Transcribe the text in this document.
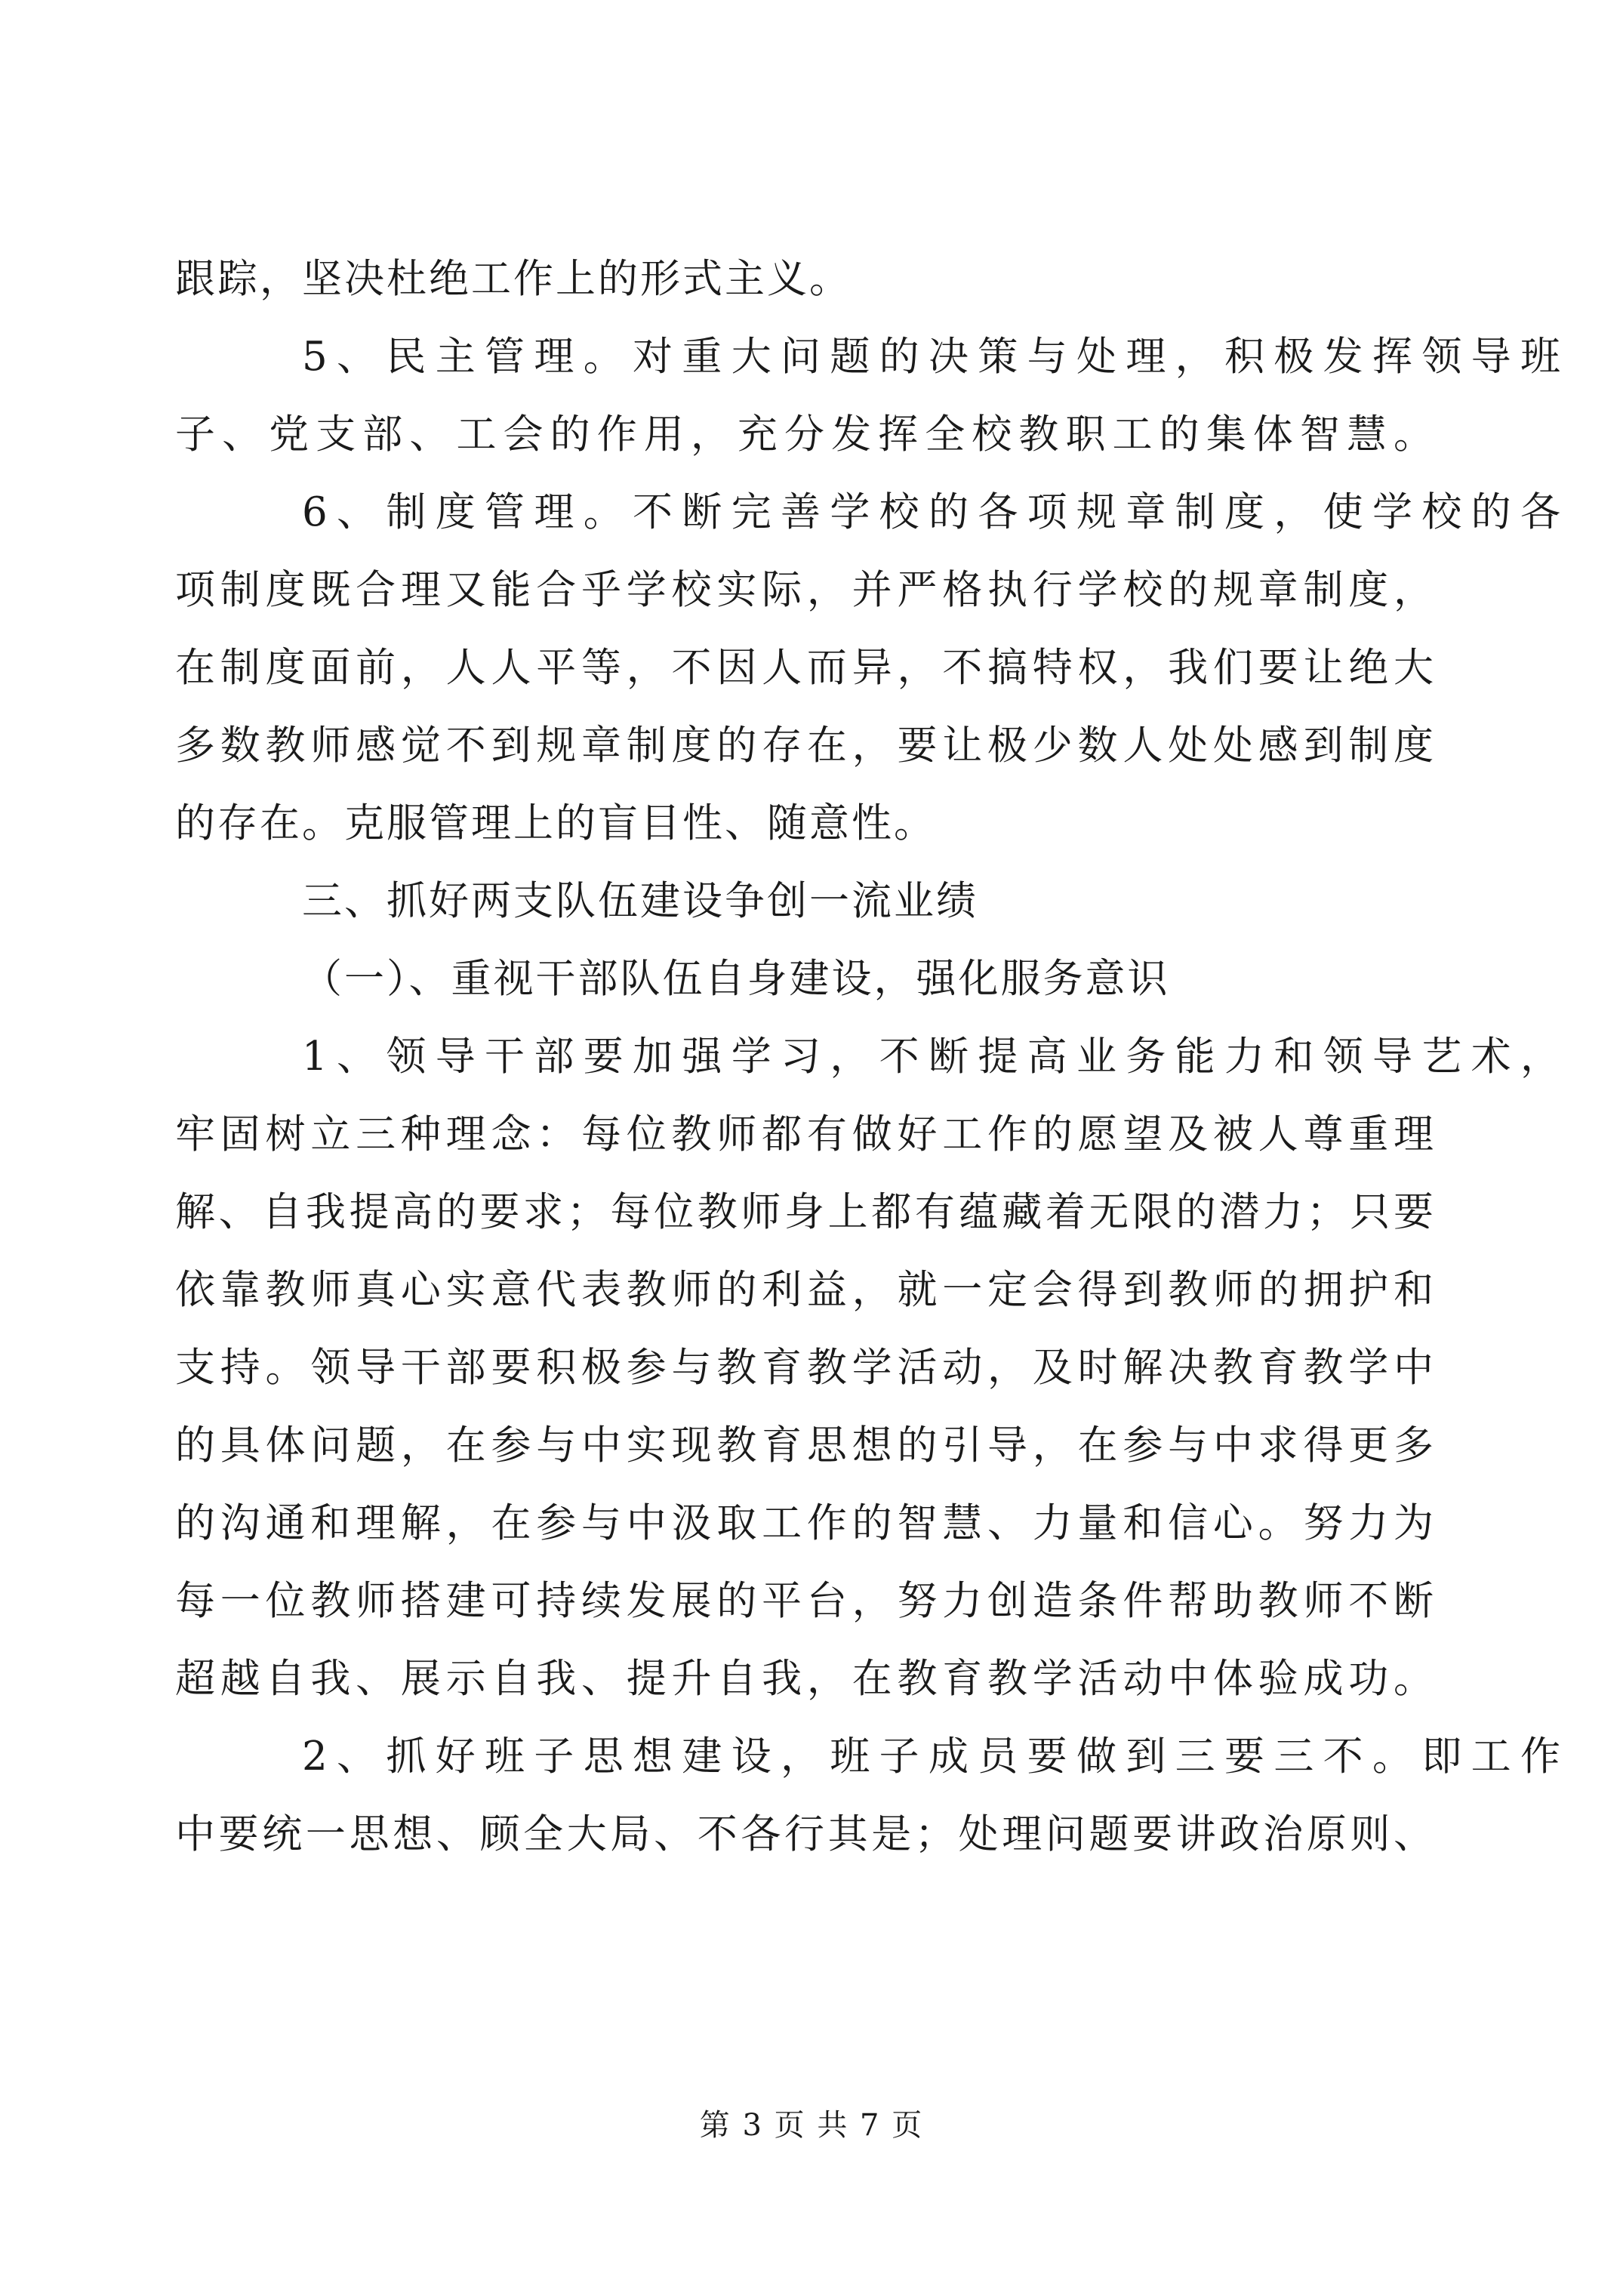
跟踪，坚决杜绝工作上的形式主义。
5、民主管理。对重大问题的决策与处理，积极发挥领导班
子、党支部、工会的作用，充分发挥全校教职工的集体智慧。
6、制度管理。不断完善学校的各项规章制度，使学校的各
项制度既合理又能合乎学校实际，并严格执行学校的规章制度，
在制度面前，人人平等，不因人而异，不搞特权，我们要让绝大
多数教师感觉不到规章制度的存在，要让极少数人处处感到制度
的存在。克服管理上的盲目性、随意性。
三、抓好两支队伍建设争创一流业绩
（一）、重视干部队伍自身建设，强化服务意识
1、领导干部要加强学习，不断提高业务能力和领导艺术，
牢固树立三种理念：每位教师都有做好工作的愿望及被人尊重理
解、自我提高的要求；每位教师身上都有蕴藏着无限的潜力；只要
依靠教师真心实意代表教师的利益，就一定会得到教师的拥护和
支持。领导干部要积极参与教育教学活动，及时解决教育教学中
的具体问题，在参与中实现教育思想的引导，在参与中求得更多
的沟通和理解，在参与中汲取工作的智慧、力量和信心。努力为
每一位教师搭建可持续发展的平台，努力创造条件帮助教师不断
超越自我、展示自我、提升自我，在教育教学活动中体验成功。
2、抓好班子思想建设，班子成员要做到三要三不。即工作
中要统一思想、顾全大局、不各行其是；处理问题要讲政治原则、
第 3 页 共 7 页
